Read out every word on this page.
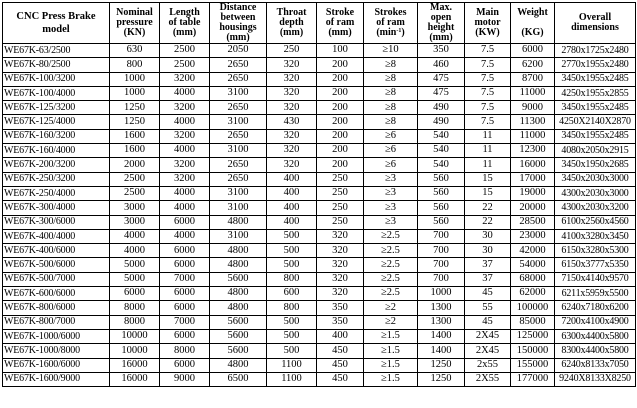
CNC Press Brake
model	Nominal
pressure
(KN)	Length
of table
(mm)	Distance
between
housings
(mm)	Throat
depth
(mm)	Stroke
of ram
(mm)	Strokes
of ram
$(\min^{-1})$	Max.
open
height
(mm)	Main
motor
(KW)	Weight

(KG)	Overall
dimensions

WE67K-63/2500	630	2500	2050	250	100	≥10	350	7.5	6000	2780x1725x2480
WE67K-80/2500	800	2500	2650	320	200	≥8	460	7.5	6200	2770x1955x2480
WE67K-100/3200	1000	3200	2650	320	200	≥8	475	7.5	8700	3450x1955x2485
WE67K-100/4000	1000	4000	3100	320	200	≥8	475	7.5	11000	4250x1955x2855
WE67K-125/3200	1250	3200	2650	320	200	≥8	490	7.5	9000	3450x1955x2485
WE67K-125/4000	1250	4000	3100	430	200	≥8	490	7.5	11300	4250X2140X2870
WE67K-160/3200	1600	3200	2650	320	200	≥6	540	11	11000	3450x1955x2485
WE67K-160/4000	1600	4000	3100	320	200	≥6	540	11	12300	4080x2050x2915
WE67K-200/3200	2000	3200	2650	320	200	≥6	540	11	16000	3450x1950x2685
WE67K-250/3200	2500	3200	2650	400	250	≥3	560	15	17000	3450x2030x3000
WE67K-250/4000	2500	4000	3100	400	250	≥3	560	15	19000	4300x2030x3000
WE67K-300/4000	3000	4000	3100	400	250	≥3	560	22	20000	4300x2030x3200
WE67K-300/6000	3000	6000	4800	400	250	≥3	560	22	28500	6100x2560x4560
WE67K-400/4000	4000	4000	3100	500	320	≥2.5	700	30	23000	4100x3280x3450
WE67K-400/6000	4000	6000	4800	500	320	≥2.5	700	30	42000	6150x3280x5300
WE67K-500/6000	5000	6000	4800	500	320	≥2.5	700	37	54000	6150x3777x5350
WE67K-500/7000	5000	7000	5600	800	320	≥2.5	700	37	68000	7150x4140x9570
WE67K-600/6000	6000	6000	4800	600	320	≥2.5	1000	45	62000	6211x5959x5500
WE67K-800/6000	8000	6000	4800	800	350	≥2	1300	55	100000	6240x7180x6200
WE67K-800/7000	8000	7000	5600	500	350	≥2	1300	45	85000	7200x4100x4900
WE67K-1000/6000	10000	6000	5600	500	400	≥1.5	1400	2X45	125000	6300x4400x5800
WE67K-1000/8000	10000	8000	5600	500	450	≥1.5	1400	2X45	150000	8300x4400x5800
WE67K-1600/6000	16000	6000	4800	1100	450	≥1.5	1250	2x55	155000	6240x8133x7050
WE67K-1600/9000	16000	9000	6500	1100	450	≥1.5	1250	2X55	177000	9240X8133X8250
